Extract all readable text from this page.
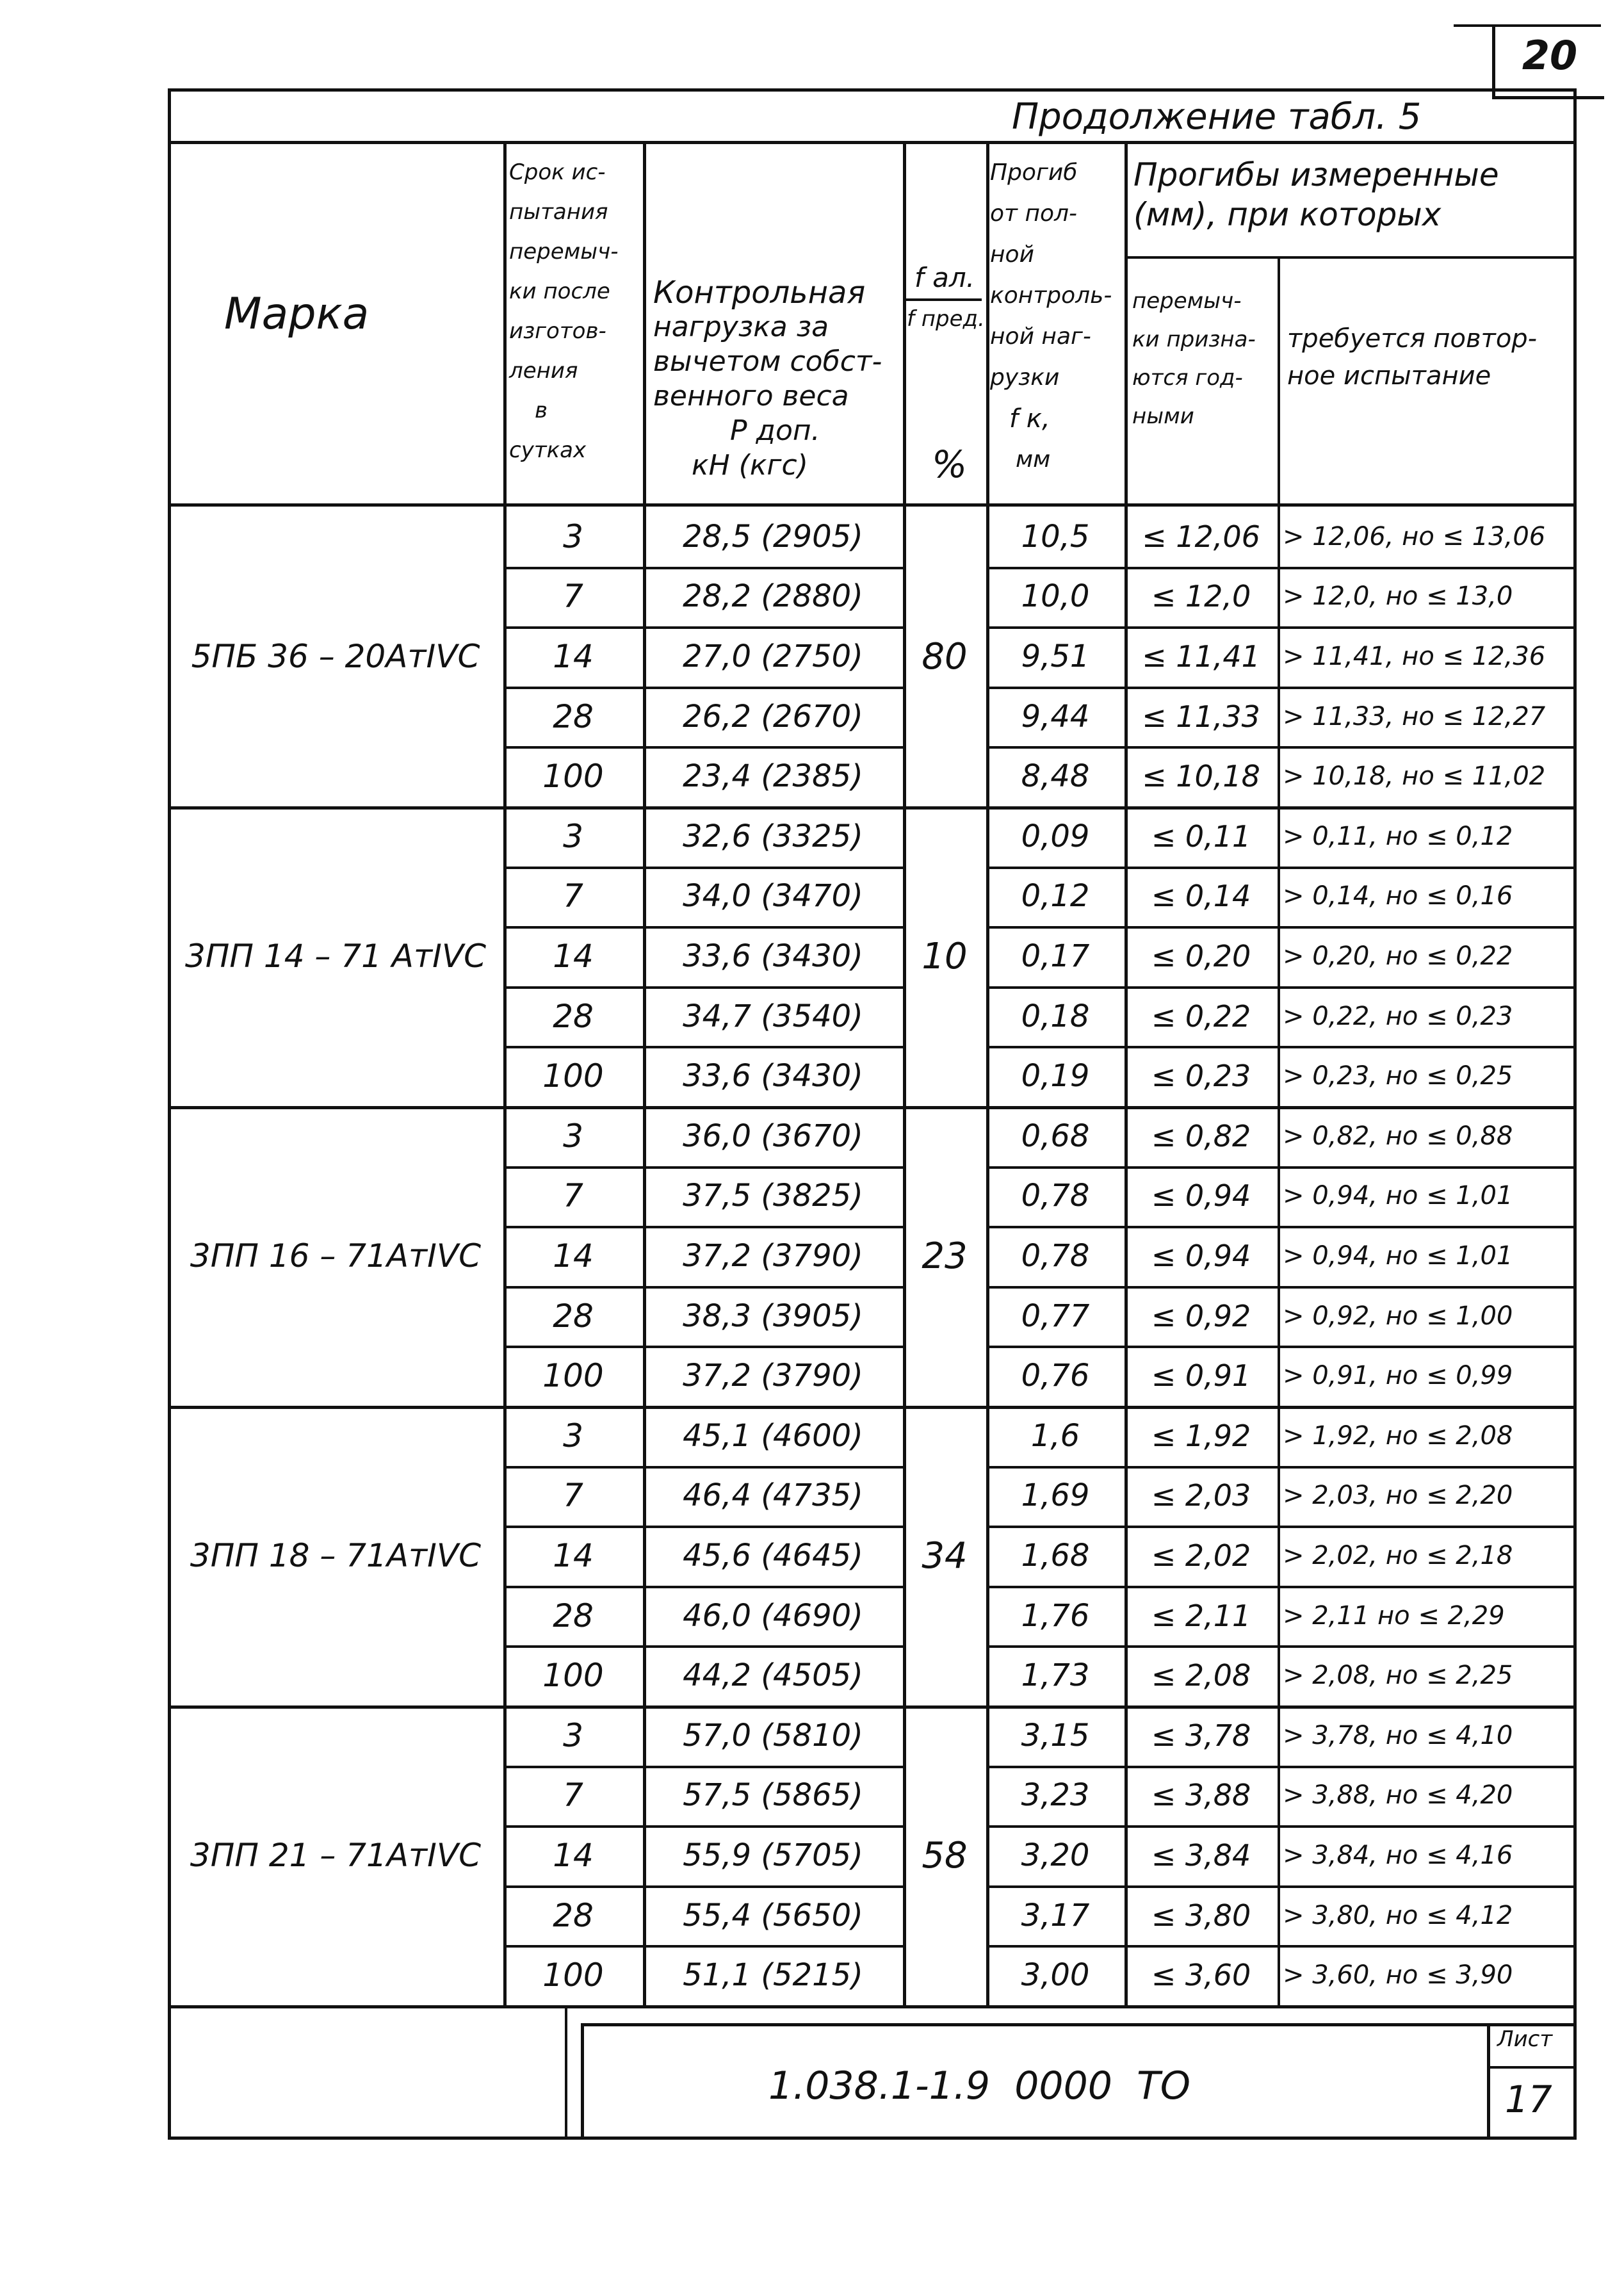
20
Продолжение табл. 5
1.038.1-1.9  0000  ТО
Лист
17
Марка
Срок ис-
пытания
перемыч-
ки после
изготов-
ления
в
сутках
Контрольная
нагрузка за
вычетом собст-
венного веса
Р доп.
кН (кгс)
f ал.
f пред.
%
Прогиб
от пол-
ной
контроль-
ной наг-
рузки
f к,
мм
Прогибы измеренные
(мм), при которых
перемыч-
ки призна-
ются год-
ными
требуется повтор-
ное испытание
5ПБ 36 – 20АтIVС	80
3	28,5 (2905)	10,5	≤ 12,06 > 12,06, но ≤ 13,06
7	28,2 (2880)	10,0	≤ 12,0	> 12,0, но ≤ 13,0
14	27,0 (2750)	9,51	≤ 11,41 > 11,41, но ≤ 12,36
28	26,2 (2670)	9,44	≤ 11,33 > 11,33, но ≤ 12,27
100	23,4 (2385)	8,48	≤ 10,18 > 10,18, но ≤ 11,02
3ПП 14 – 71 АтIVС	10
3	32,6 (3325)	0,09	≤ 0,11	> 0,11, но ≤ 0,12
7	34,0 (3470)	0,12	≤ 0,14	> 0,14, но ≤ 0,16
14	33,6 (3430)	0,17	≤ 0,20	> 0,20, но ≤ 0,22
28	34,7 (3540)	0,18	≤ 0,22	> 0,22, но ≤ 0,23
100	33,6 (3430)	0,19	≤ 0,23	> 0,23, но ≤ 0,25
3ПП 16 – 71АтIVС	23
3	36,0 (3670)	0,68	≤ 0,82	> 0,82, но ≤ 0,88
7	37,5 (3825)	0,78	≤ 0,94	> 0,94, но ≤ 1,01
14	37,2 (3790)	0,78	≤ 0,94	> 0,94, но ≤ 1,01
28	38,3 (3905)	0,77	≤ 0,92	> 0,92, но ≤ 1,00
100	37,2 (3790)	0,76	≤ 0,91	> 0,91, но ≤ 0,99
3ПП 18 – 71АтIVС	34
3	45,1 (4600)	1,6	≤ 1,92	> 1,92, но ≤ 2,08
7	46,4 (4735)	1,69	≤ 2,03	> 2,03, но ≤ 2,20
14	45,6 (4645)	1,68	≤ 2,02	> 2,02, но ≤ 2,18
28	46,0 (4690)	1,76	≤ 2,11	> 2,11 но ≤ 2,29
100	44,2 (4505)	1,73	≤ 2,08	> 2,08, но ≤ 2,25
3ПП 21 – 71АтIVС	58
3	57,0 (5810)	3,15	≤ 3,78	> 3,78, но ≤ 4,10
7	57,5 (5865)	3,23	≤ 3,88	> 3,88, но ≤ 4,20
14	55,9 (5705)	3,20	≤ 3,84	> 3,84, но ≤ 4,16
28	55,4 (5650)	3,17	≤ 3,80	> 3,80, но ≤ 4,12
100	51,1 (5215)	3,00	≤ 3,60	> 3,60, но ≤ 3,90
